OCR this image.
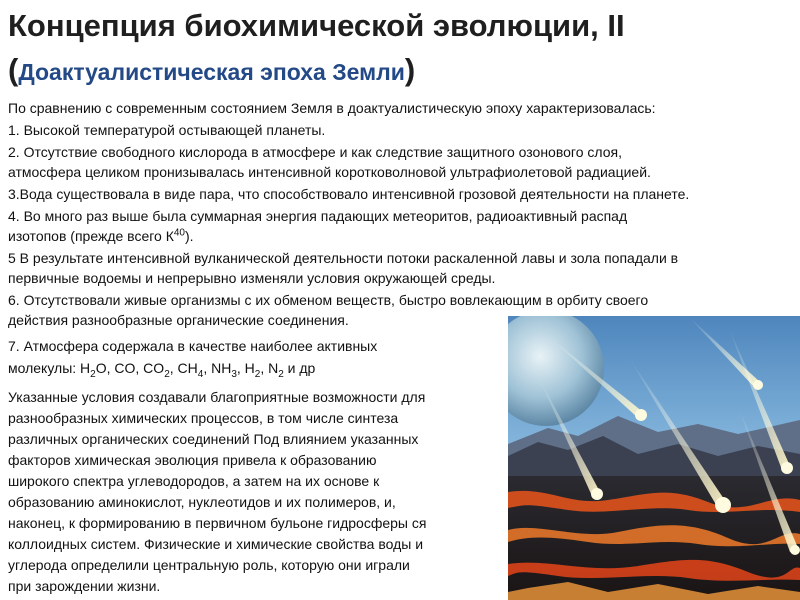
Концепция биохимической эволюции, II
(Доактуалистическая эпоха Земли)
По сравнению с современным состоянием Земля в доактуалистическую эпоху характеризовалась:
1. Высокой температурой остывающей планеты.
2. Отсутствие свободного кислорода в атмосфере и как следствие защитного озонового слоя,
атмосфера целиком пронизывалась интенсивной коротковолновой ультрафиолетовой радиацией.
3.Вода существовала в виде пара, что способствовало интенсивной грозовой деятельности на планете.
4. Во много раз выше была суммарная энергия падающих метеоритов, радиоактивный распад
изотопов (прежде всего $К^{40}$).
5 В результате интенсивной вулканической деятельности потоки раскаленной лавы и зола попадали в
первичные водоемы и непрерывно изменяли условия окружающей среды.
6. Отсутствовали живые организмы с их обменом веществ, быстро вовлекающим в орбиту своего
действия разнообразные органические соединения.
7. Атмосфера содержала в качестве наиболее активных
молекулы: $H_2O$, CO, $CO_2$, $CH_4$, $NH_3$, $H_2$, $N_2$ и др
Указанные условия создавали благоприятные возможности для
разнообразных химических процессов, в том числе синтеза
различных органических соединений Под влиянием указанных
факторов химическая эволюция привела к образованию
широкого спектра углеводородов, а затем на их основе к
образованию аминокислот, нуклеотидов и их полимеров, и,
наконец, к формированию в первичном бульоне гидросферы ся
коллоидных систем. Физические и химические свойства воды и
углерода определили центральную роль, которую они играли
при зарождении жизни.
